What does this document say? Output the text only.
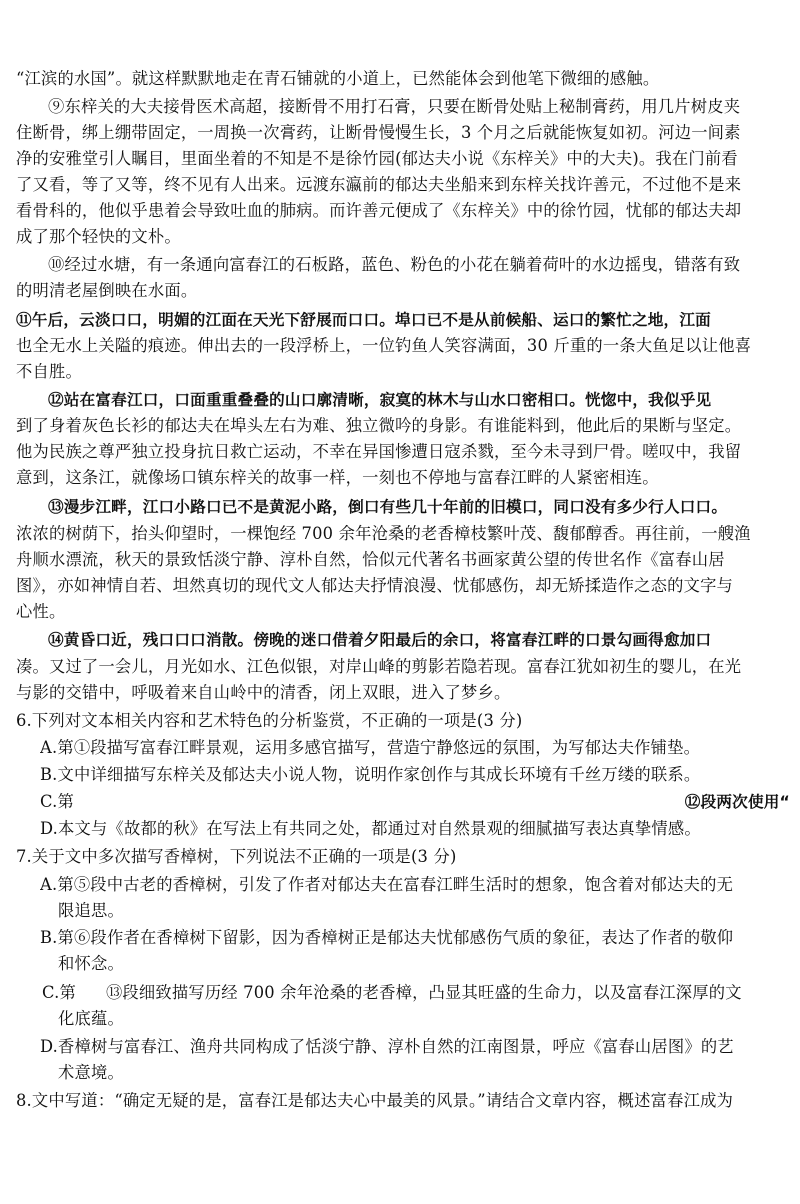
“江滨的水国”。就这样默默地走在青石铺就的小道上，已然能体会到他笔下微细的感触。
⑨东梓关的大夫接骨医术高超，接断骨不用打石膏，只要在断骨处贴上秘制膏药，用几片树皮夹
住断骨，绑上绷带固定，一周换一次膏药，让断骨慢慢生长，3 个月之后就能恢复如初。河边一间素
净的安雅堂引人瞩目，里面坐着的不知是不是徐竹园(郁达夫小说《东梓关》中的大夫)。我在门前看
了又看，等了又等，终不见有人出来。远渡东瀛前的郁达夫坐船来到东梓关找许善元，不过他不是来
看骨科的，他似乎患着会导致吐血的肺病。而许善元便成了《东梓关》中的徐竹园，忧郁的郁达夫却
成了那个轻快的文朴。
⑩经过水塘，有一条通向富春江的石板路，蓝色、粉色的小花在躺着荷叶的水边摇曳，错落有致
的明清老屋倒映在水面。
⑪午后，云淡口口，明媚的江面在天光下舒展而口口。埠口已不是从前候船、运口的繁忙之地，江面
也全无水上关隘的痕迹。伸出去的一段浮桥上，一位钓鱼人笑容满面，30 斤重的一条大鱼足以让他喜
不自胜。
⑫站在富春江口，口面重重叠叠的山口廓清晰，寂寞的林木与山水口密相口。恍惚中，我似乎见
到了身着灰色长衫的郁达夫在埠头左右为难、独立微吟的身影。有谁能料到，他此后的果断与坚定。
他为民族之尊严独立投身抗日救亡运动，不幸在异国惨遭日寇杀戮，至今未寻到尸骨。嗟叹中，我留
意到，这条江，就像场口镇东梓关的故事一样，一刻也不停地与富春江畔的人紧密相连。
⑬漫步江畔，江口小路口已不是黄泥小路，倒口有些几十年前的旧模口，同口没有多少行人口口。
浓浓的树荫下，抬头仰望时，一棵饱经 700 余年沧桑的老香樟枝繁叶茂、馥郁醇香。再往前，一艘渔
舟顺水漂流，秋天的景致恬淡宁静、淳朴自然，恰似元代著名书画家黄公望的传世名作《富春山居
图》，亦如神情自若、坦然真切的现代文人郁达夫抒情浪漫、忧郁感伤，却无矫揉造作之态的文字与
心性。
⑭黄昏口近，残口口口消散。傍晚的迷口借着夕阳最后的余口，将富春江畔的口景勾画得愈加口
凑。又过了一会儿，月光如水、江色似银，对岸山峰的剪影若隐若现。富春江犹如初生的婴儿，在光
与影的交错中，呼吸着来自山岭中的清香，闭上双眼，进入了梦乡。
6.下列对文本相关内容和艺术特色的分析鉴赏，不正确的一项是(3 分)
A.第①段描写富春江畔景观，运用多感官描写，营造宁静悠远的氛围，为写郁达夫作铺垫。
B.文中详细描写东梓关及郁达夫小说人物，说明作家创作与其成长环境有千丝万缕的联系。
C.第	⑫段两次使用“
D.本文与《故都的秋》在写法上有共同之处，都通过对自然景观的细腻描写表达真挚情感。
7.关于文中多次描写香樟树，下列说法不正确的一项是(3 分)
A.第⑤段中古老的香樟树，引发了作者对郁达夫在富春江畔生活时的想象，饱含着对郁达夫的无
限追思。
B.第⑥段作者在香樟树下留影，因为香樟树正是郁达夫忧郁感伤气质的象征，表达了作者的敬仰
和怀念。
C.第 ⑬段细致描写历经 700 余年沧桑的老香樟，凸显其旺盛的生命力，以及富春江深厚的文
化底蕴。
D.香樟树与富春江、渔舟共同构成了恬淡宁静、淳朴自然的江南图景，呼应《富春山居图》的艺
术意境。
8.文中写道：“确定无疑的是，富春江是郁达夫心中最美的风景。”请结合文章内容，概述富春江成为
